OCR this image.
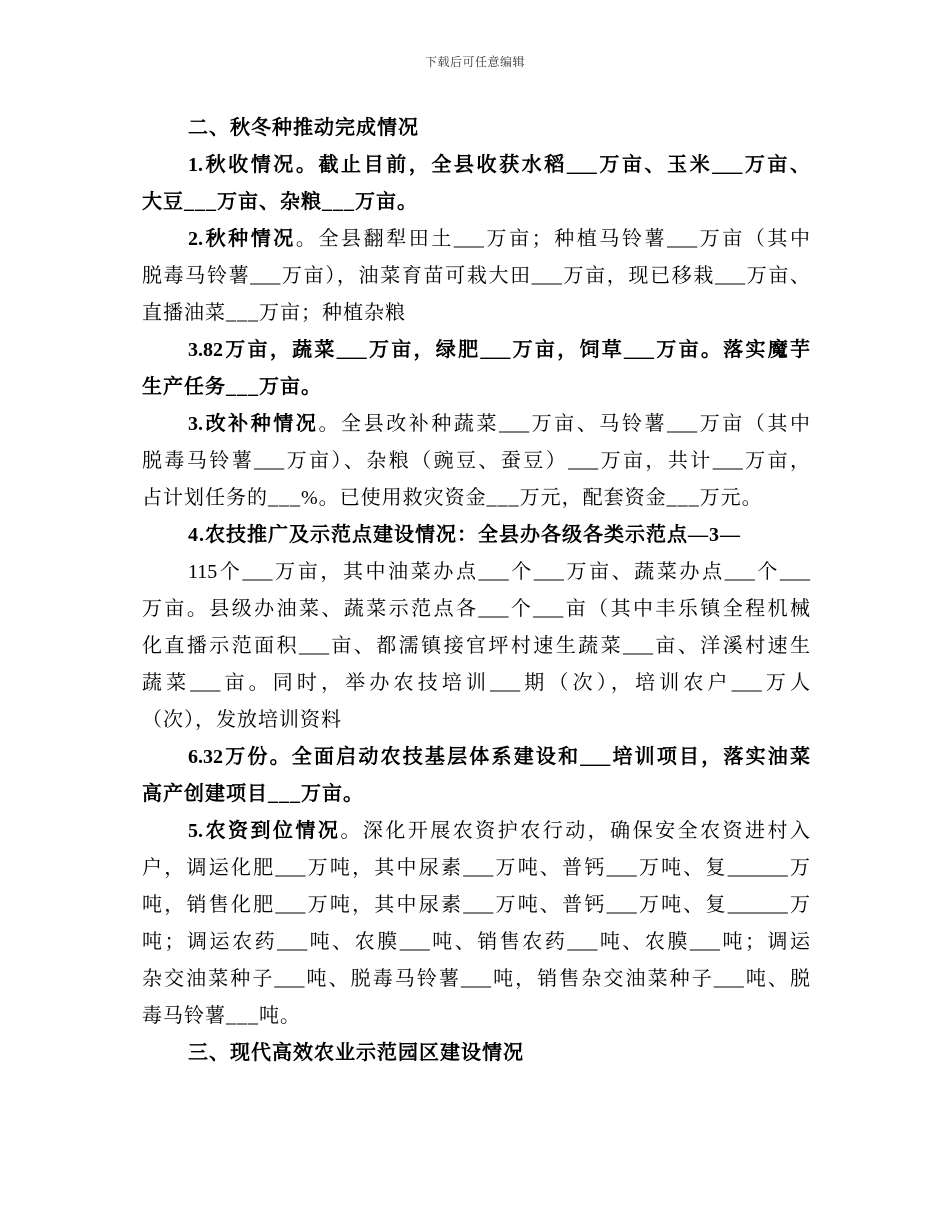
下载后可任意编辑
二、秋冬种推动完成情况
1.秋收情况。截止目前，全县收获水稻___万亩、玉米___万亩、
大豆___万亩、杂粮___万亩。
2.秋种情况。全县翻犁田土___万亩；种植马铃薯___万亩（其中
脱毒马铃薯___万亩），油菜育苗可栽大田___万亩，现已移栽___万亩、
直播油菜___万亩；种植杂粮
3.82万亩，蔬菜___万亩，绿肥___万亩，饲草___万亩。落实魔芋
生产任务___万亩。
3.改补种情况。全县改补种蔬菜___万亩、马铃薯___万亩（其中
脱毒马铃薯___万亩）、杂粮（豌豆、蚕豆）___万亩，共计___万亩，
占计划任务的___%。已使用救灾资金___万元，配套资金___万元。
4.农技推广及示范点建设情况：全县办各级各类示范点—3—
115个___万亩，其中油菜办点___个___万亩、蔬菜办点___个___
万亩。县级办油菜、蔬菜示范点各___个___亩（其中丰乐镇全程机械
化直播示范面积___亩、都濡镇接官坪村速生蔬菜___亩、洋溪村速生
蔬菜___亩。同时，举办农技培训___期（次），培训农户___万人
（次），发放培训资料
6.32万份。全面启动农技基层体系建设和___培训项目，落实油菜
高产创建项目___万亩。
5.农资到位情况。深化开展农资护农行动，确保安全农资进村入
户，调运化肥___万吨，其中尿素___万吨、普钙___万吨、复______万
吨，销售化肥___万吨，其中尿素___万吨、普钙___万吨、复______万
吨；调运农药___吨、农膜___吨、销售农药___吨、农膜___吨；调运
杂交油菜种子___吨、脱毒马铃薯___吨，销售杂交油菜种子___吨、脱
毒马铃薯___吨。
三、现代高效农业示范园区建设情况
